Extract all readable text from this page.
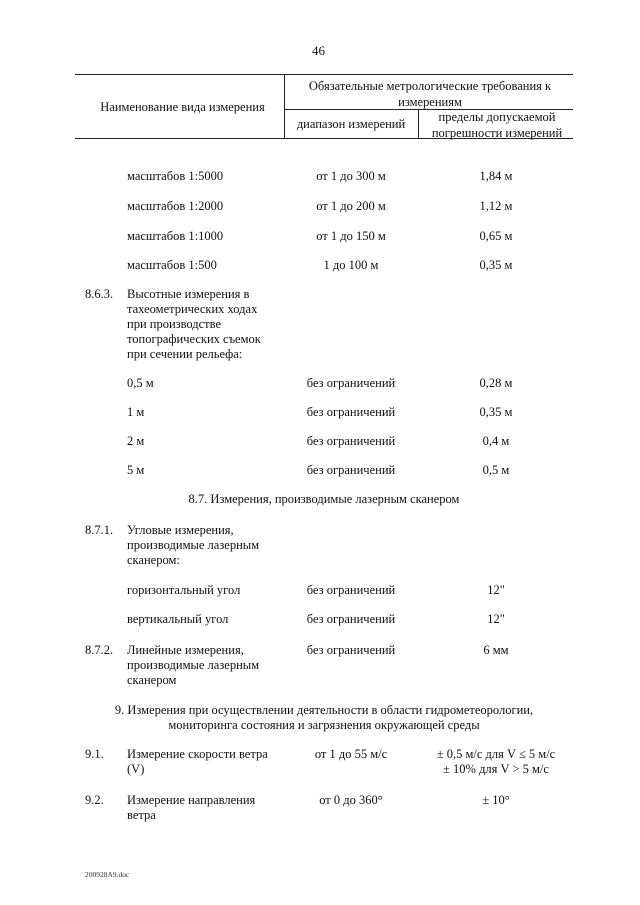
46
Наименование вида измерения
Обязательные метрологические требования к измерениям
диапазон измерений	пределы допускаемой погрешности измерений
масштабов 1:5000	от 1 до 300 м	1,84 м
масштабов 1:2000	от 1 до 200 м	1,12 м
масштабов 1:1000	от 1 до 150 м	0,65 м
масштабов 1:500	1 до 100 м	0,35 м
8.6.3. Высотные измерения в
тахеометрических ходах
при производстве
топографических съемок
при сечении рельефа:
0,5 м	без ограничений	0,28 м
1 м	без ограничений	0,35 м
2 м	без ограничений	0,4 м
5 м	без ограничений	0,5 м
8.7. Измерения, производимые лазерным сканером
8.7.1. Угловые измерения,
производимые лазерным
сканером:
горизонтальный угол	без ограничений	12"
вертикальный угол	без ограничений	12"
8.7.2. Линейные измерения,
производимые лазерным
сканером
без ограничений	6 мм
9. Измерения при осуществлении деятельности в области гидрометеорологии,
мониторинга состояния и загрязнения окружающей среды
9.1. Измерение скорости ветра
(V)
от 1 до 55 м/с	± 0,5 м/с для V ≤ 5 м/с
± 10% для V > 5 м/с
9.2. Измерение направления
ветра
от 0 до 360°	± 10°
200928A9.doc
